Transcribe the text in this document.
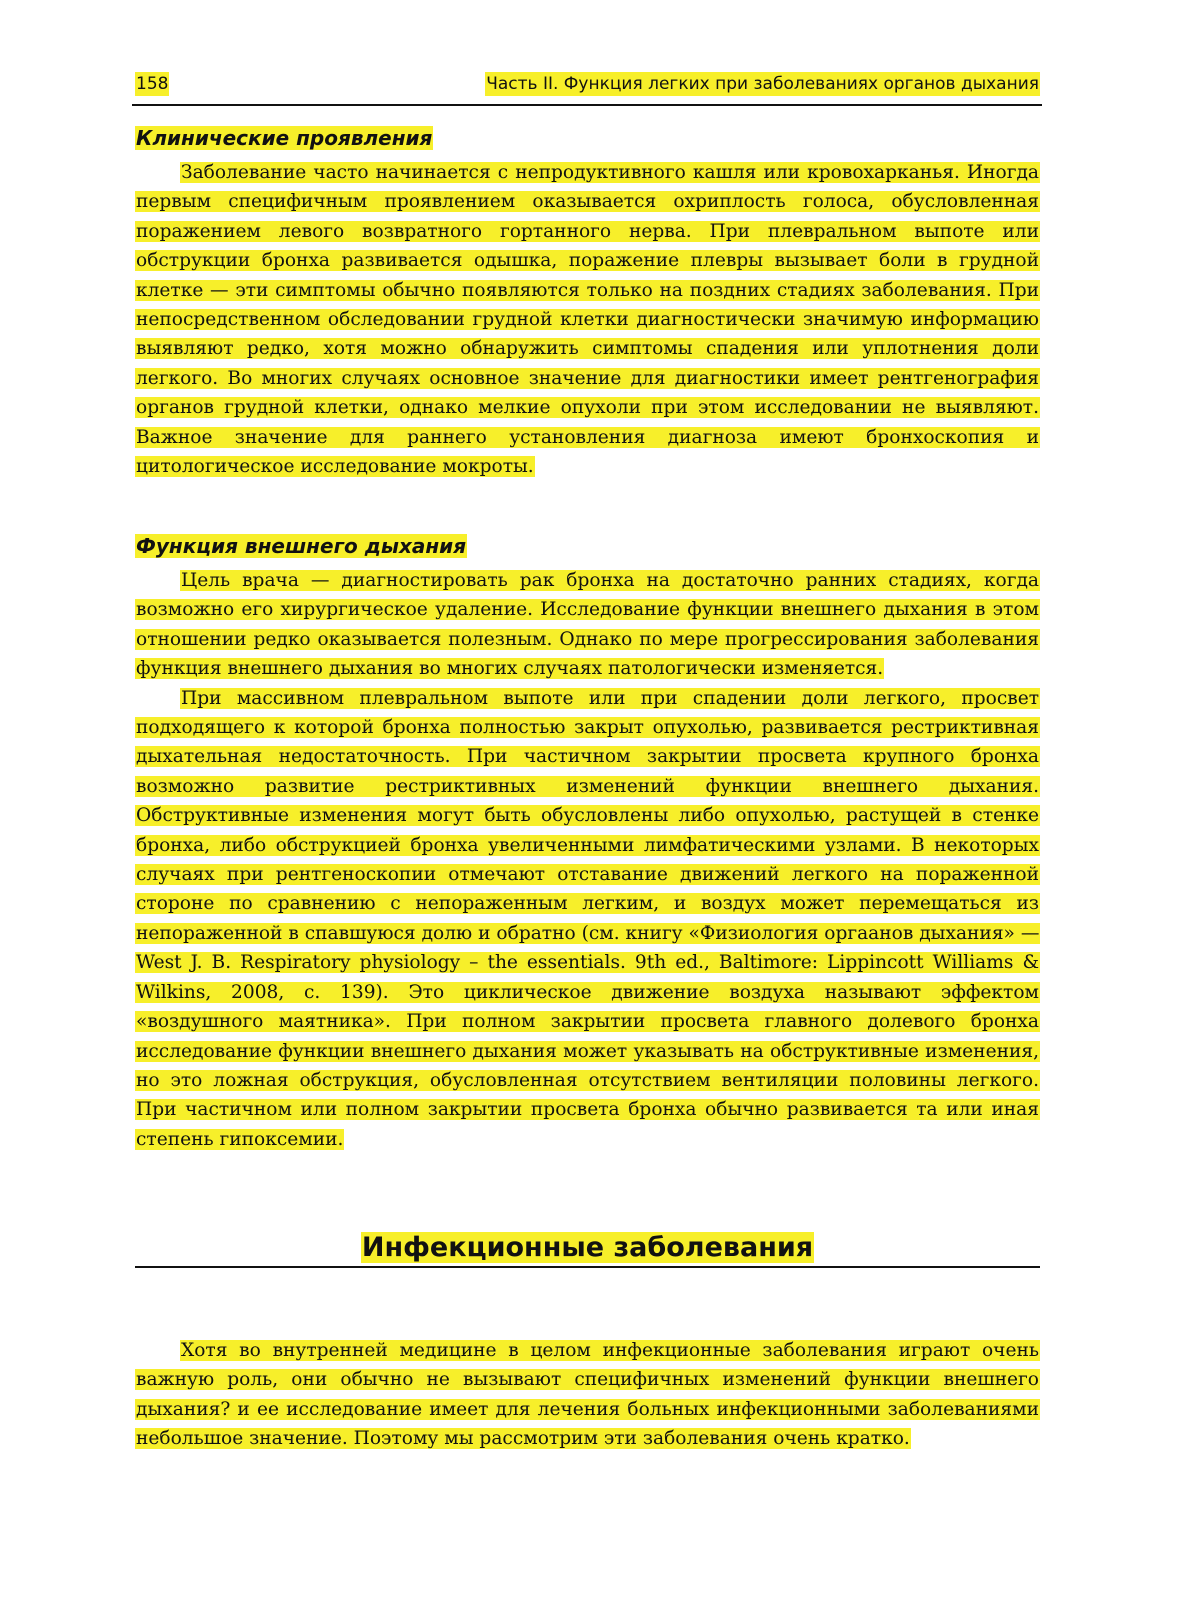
158	Часть II. Функция легких при заболеваниях органов дыхания
Клинические проявления

Заболевание часто начинается с непродуктивного кашля или кровохарканья. Иногда первым специфичным проявлением оказывается охриплость голоса, обусловленная поражением левого возвратного гортанного нерва. При плевральном выпоте или обструкции бронха развивается одышка, поражение плевры вызывает боли в грудной клетке — эти симптомы обычно появляются только на поздних стадиях заболевания. При непосредственном обследовании грудной клетки диагностически значимую информацию выявляют редко, хотя можно обнаружить симптомы спадения или уплотнения доли легкого. Во многих случаях основное значение для диагностики имеет рентгенография органов грудной клетки, однако мелкие опухоли при этом исследовании не выявляют. Важное значение для раннего установления диагноза имеют бронхоскопия и цитологическое исследование мокроты.

Функция внешнего дыхания

Цель врача — диагностировать рак бронха на достаточно ранних стадиях, когда возможно его хирургическое удаление. Исследование функции внешнего дыхания в этом отношении редко оказывается полезным. Однако по мере прогрессирования заболевания функция внешнего дыхания во многих случаях патологически изменяется.

При массивном плевральном выпоте или при спадении доли легкого, просвет подходящего к которой бронха полностью закрыт опухолью, развивается рестриктивная дыхательная недостаточность. При частичном закрытии просвета крупного бронха возможно развитие рестриктивных изменений функции внешнего дыхания. Обструктивные изменения могут быть обусловлены либо опухолью, растущей в стенке бронха, либо обструкцией бронха увеличенными лимфатическими узлами. В некоторых случаях при рентгеноскопии отмечают отставание движений легкого на пораженной стороне по сравнению с непораженным легким, и воздух может перемещаться из непораженной в спавшуюся долю и обратно (см. книгу «Физиология оргаанов дыхания» — West J. B. Respiratory physiology – the essentials. 9th ed., Baltimore: Lippincott Williams & Wilkins, 2008, с. 139). Это циклическое движение воздуха называют эффектом «воздушного маятника». При полном закрытии просвета главного долевого бронха исследование функции внешнего дыхания может указывать на обструктивные изменения, но это ложная обструкция, обусловленная отсутствием вентиляции половины легкого. При частичном или полном закрытии просвета бронха обычно развивается та или иная степень гипоксемии.

Инфекционные заболевания

Хотя во внутренней медицине в целом инфекционные заболевания играют очень важную роль, они обычно не вызывают специфичных изменений функции внешнего дыхания? и ее исследование имеет для лечения больных инфекционными заболеваниями небольшое значение. Поэтому мы рассмотрим эти заболевания очень кратко.
